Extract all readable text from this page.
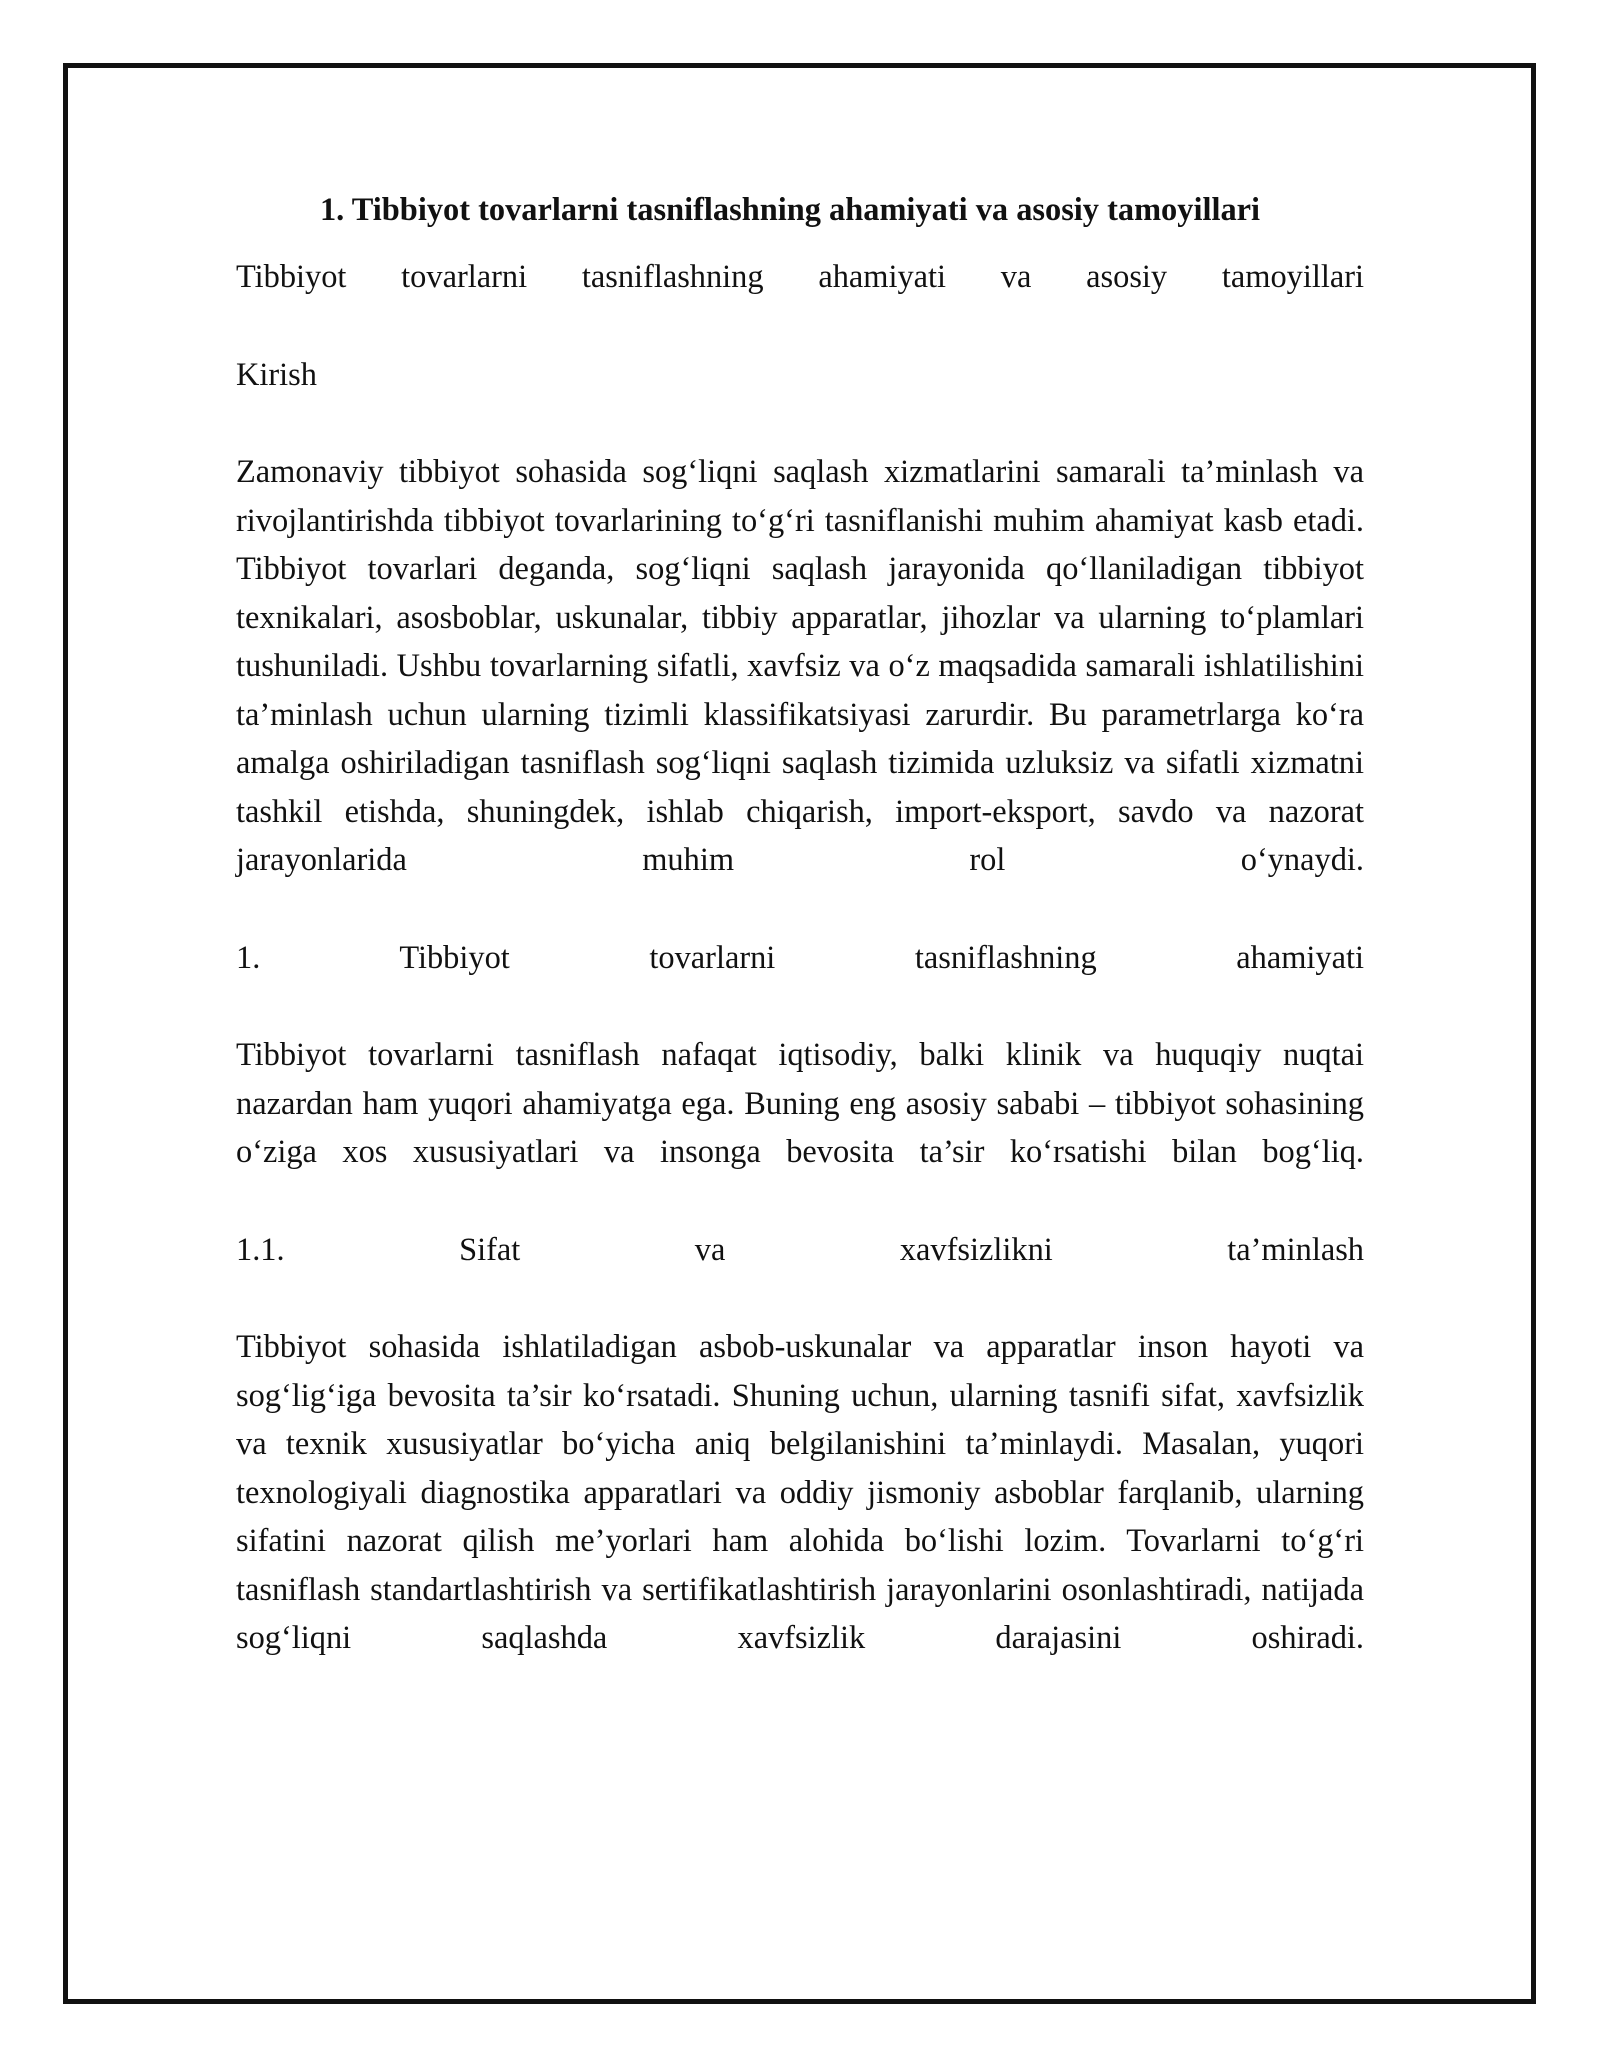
1. Tibbiyot tovarlarni tasniflashning ahamiyati va asosiy tamoyillari

Tibbiyot tovarlarni tasniflashning ahamiyati va asosiy tamoyillari

Kirish

Zamonaviy tibbiyot sohasida sog‘liqni saqlash xizmatlarini samarali ta’minlash va rivojlantirishda tibbiyot tovarlarining to‘g‘ri tasniflanishi muhim ahamiyat kasb etadi. Tibbiyot tovarlari deganda, sog‘liqni saqlash jarayonida qo‘llaniladigan tibbiyot texnikalari, asosboblar, uskunalar, tibbiy apparatlar, jihozlar va ularning to‘plamlari tushuniladi. Ushbu tovarlarning sifatli, xavfsiz va o‘z maqsadida samarali ishlatilishini ta’minlash uchun ularning tizimli klassifikatsiyasi zarurdir. Bu parametrlarga ko‘ra amalga oshiriladigan tasniflash sog‘liqni saqlash tizimida uzluksiz va sifatli xizmatni tashkil etishda, shuningdek, ishlab chiqarish, import-eksport, savdo va nazorat jarayonlarida muhim rol o‘ynaydi.

1. Tibbiyot tovarlarni tasniflashning ahamiyati

Tibbiyot tovarlarni tasniflash nafaqat iqtisodiy, balki klinik va huquqiy nuqtai nazardan ham yuqori ahamiyatga ega. Buning eng asosiy sababi – tibbiyot sohasining o‘ziga xos xususiyatlari va insonga bevosita ta’sir ko‘rsatishi bilan bog‘liq.

1.1. Sifat va xavfsizlikni ta’minlash

Tibbiyot sohasida ishlatiladigan asbob-uskunalar va apparatlar inson hayoti va sog‘lig‘iga bevosita ta’sir ko‘rsatadi. Shuning uchun, ularning tasnifi sifat, xavfsizlik va texnik xususiyatlar bo‘yicha aniq belgilanishini ta’minlaydi. Masalan, yuqori texnologiyali diagnostika apparatlari va oddiy jismoniy asboblar farqlanib, ularning sifatini nazorat qilish me’yorlari ham alohida bo‘lishi lozim. Tovarlarni to‘g‘ri tasniflash standartlashtirish va sertifikatlashtirish jarayonlarini osonlashtiradi, natijada sog‘liqni saqlashda xavfsizlik darajasini oshiradi.
